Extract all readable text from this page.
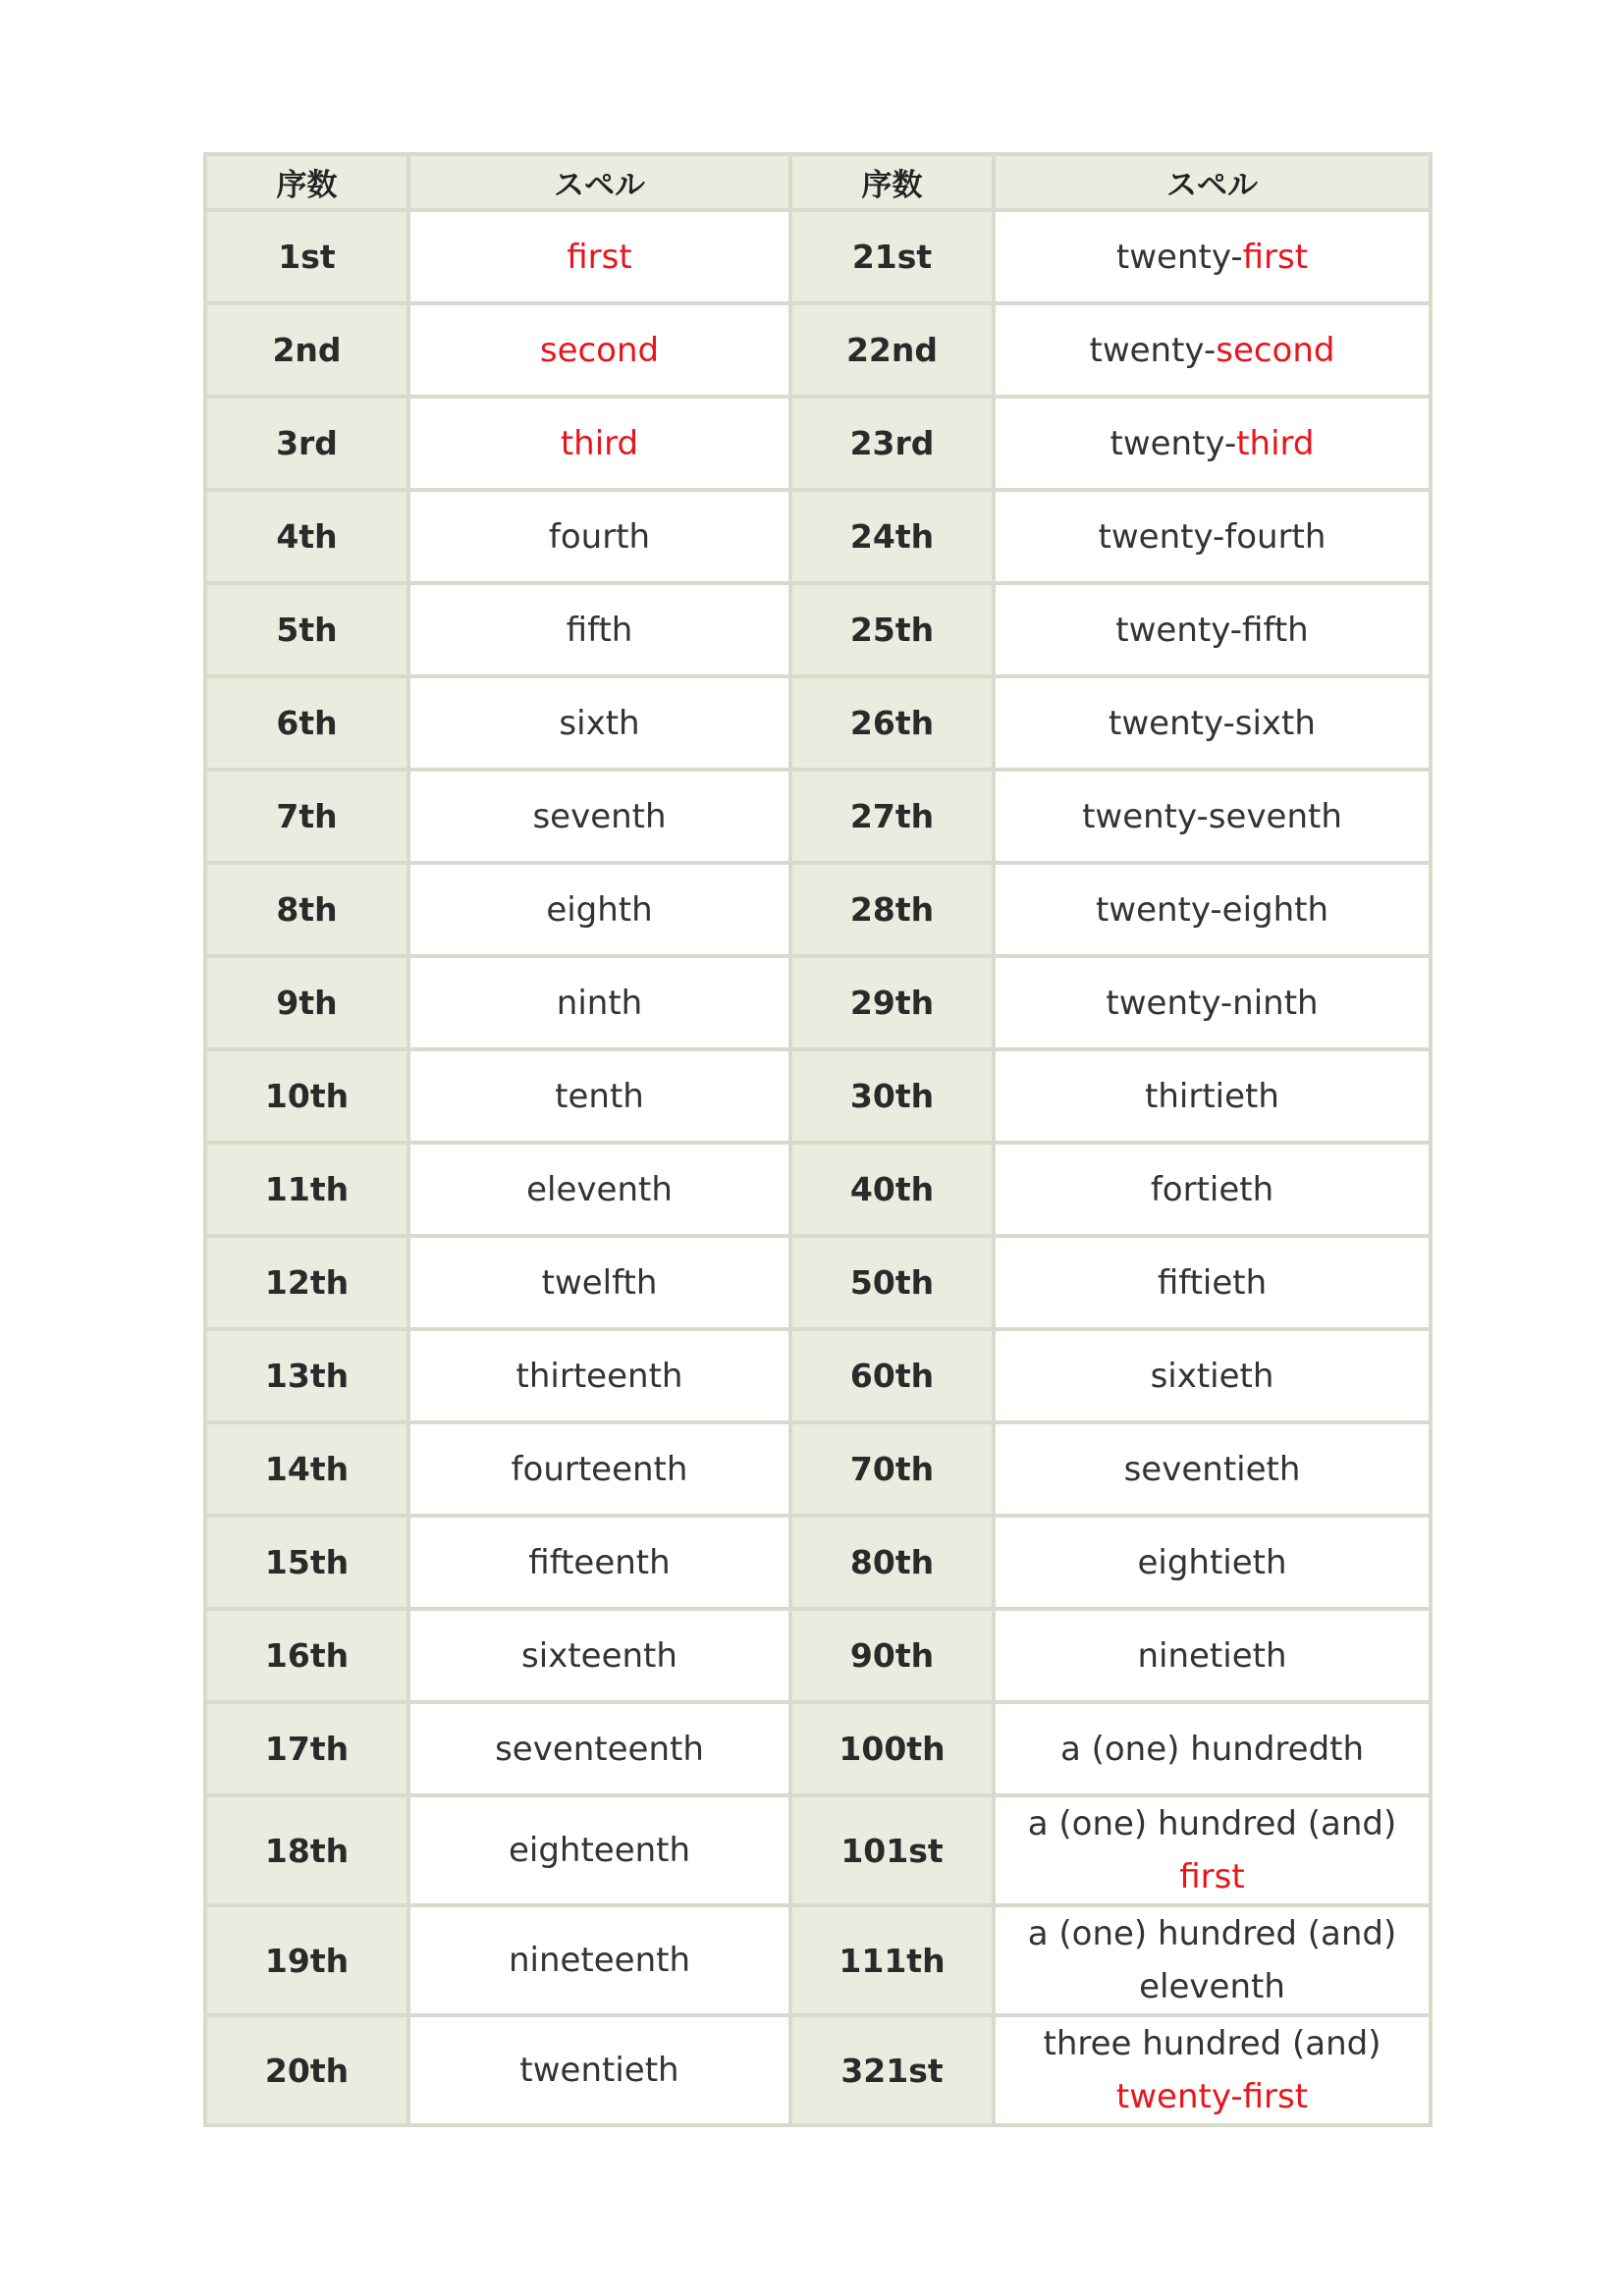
序数	スペル	序数	スペル
1st	first	21st	twenty-first
2nd	second	22nd	twenty-second
3rd	third	23rd	twenty-third
4th	fourth	24th	twenty-fourth
5th	fifth	25th	twenty-fifth
6th	sixth	26th	twenty-sixth
7th	seventh	27th	twenty-seventh
8th	eighth	28th	twenty-eighth
9th	ninth	29th	twenty-ninth
10th	tenth	30th	thirtieth
11th	eleventh	40th	fortieth
12th	twelfth	50th	fiftieth
13th	thirteenth	60th	sixtieth
14th	fourteenth	70th	seventieth
15th	fifteenth	80th	eightieth
16th	sixteenth	90th	ninetieth
17th	seventeenth	100th	a (one) hundredth
18th	eighteenth	101st	a (one) hundred (and) first
19th	nineteenth	111th	a (one) hundred (and) eleventh
20th	twentieth	321st	three hundred (and) twenty-first
